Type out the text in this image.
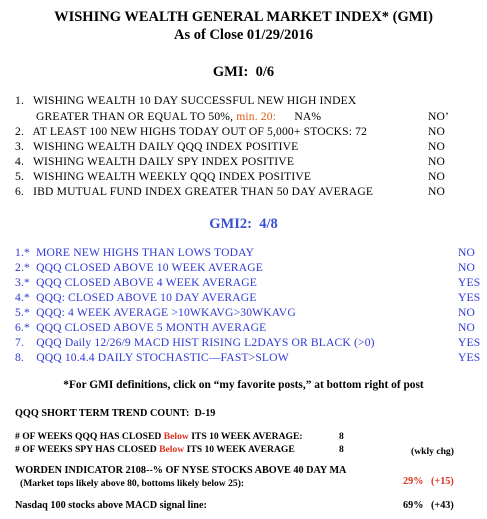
WISHING WEALTH GENERAL MARKET INDEX* (GMI)
As of Close 01/29/2016
GMI: 0/6
1. WISHING WEALTH 10 DAY SUCCESSFUL NEW HIGH INDEX
GREATER THAN OR EQUAL TO 50%, min. 20: NA%	NO’
2. AT LEAST 100 NEW HIGHS TODAY OUT OF 5,000+ STOCKS: 72	NO
3. WISHING WEALTH DAILY QQQ INDEX POSITIVE	NO
4. WISHING WEALTH DAILY SPY INDEX POSITIVE	NO
5. WISHING WEALTH WEEKLY QQQ INDEX POSITIVE	NO
6. IBD MUTUAL FUND INDEX GREATER THAN 50 DAY AVERAGE	NO
GMI2: 4/8
1.* MORE NEW HIGHS THAN LOWS TODAY	NO
2.* QQQ CLOSED ABOVE 10 WEEK AVERAGE	NO
3.* QQQ CLOSED ABOVE 4 WEEK AVERAGE	YES
4.* QQQ: CLOSED ABOVE 10 DAY AVERAGE	YES
5.* QQQ: 4 WEEK AVERAGE >10WKAVG>30WKAVG	NO
6.* QQQ CLOSED ABOVE 5 MONTH AVERAGE	NO
7. QQQ Daily 12/26/9 MACD HIST RISING L2DAYS OR BLACK (>0)	YES
8. QQQ 10.4.4 DAILY STOCHASTIC—FAST>SLOW	YES
*For GMI definitions, click on “my favorite posts,” at bottom right of post
QQQ SHORT TERM TREND COUNT: D-19
# OF WEEKS QQQ HAS CLOSED Below ITS 10 WEEK AVERAGE:	8
# OF WEEKS SPY HAS CLOSED Below ITS 10 WEEK AVERAGE	8	(wkly chg)
WORDEN INDICATOR 2108--% OF NYSE STOCKS ABOVE 40 DAY MA
(Market tops likely above 80, bottoms likely below 25):	29% (+15)
Nasdaq 100 stocks above MACD signal line:	69% (+43)
